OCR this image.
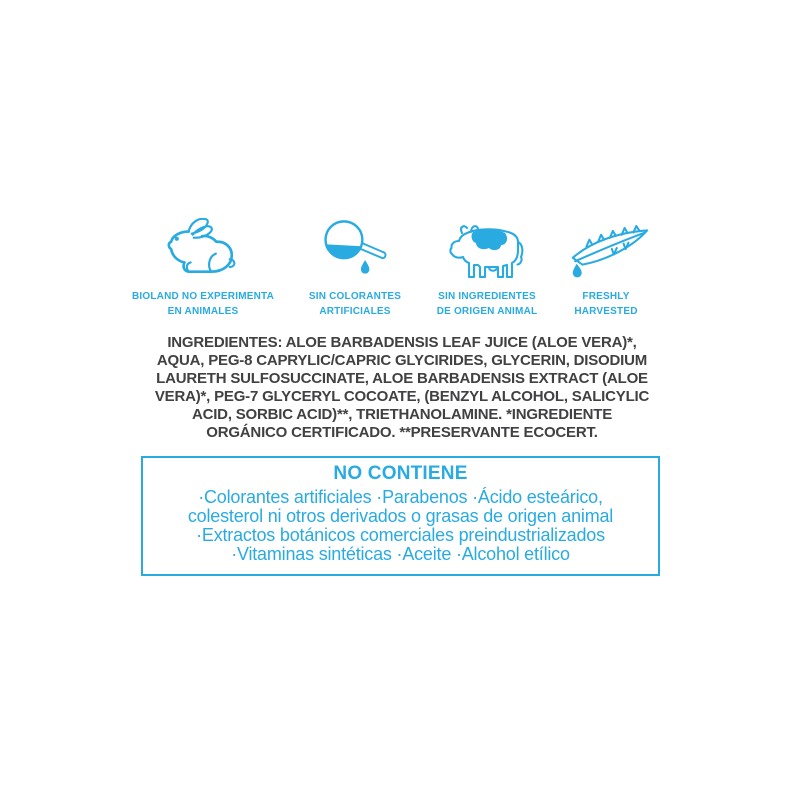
BIOLAND NO EXPERIMENTA
EN ANIMALES
SIN COLORANTES
ARTIFICIALES
SIN INGREDIENTES
DE ORIGEN ANIMAL
FRESHLY
HARVESTED
INGREDIENTES: ALOE BARBADENSIS LEAF JUICE (ALOE VERA)*,
AQUA, PEG-8 CAPRYLIC/CAPRIC GLYCIRIDES, GLYCERIN, DISODIUM
LAURETH SULFOSUCCINATE, ALOE BARBADENSIS EXTRACT (ALOE
VERA)*, PEG-7 GLYCERYL COCOATE, (BENZYL ALCOHOL, SALICYLIC
ACID, SORBIC ACID)**, TRIETHANOLAMINE. *INGREDIENTE
ORGÁNICO CERTIFICADO. **PRESERVANTE ECOCERT.
NO CONTIENE
·Colorantes artificiales ·Parabenos ·Ácido esteárico,
colesterol ni otros derivados o grasas de origen animal
·Extractos botánicos comerciales preindustrializados
·Vitaminas sintéticas ·Aceite ·Alcohol etílico
